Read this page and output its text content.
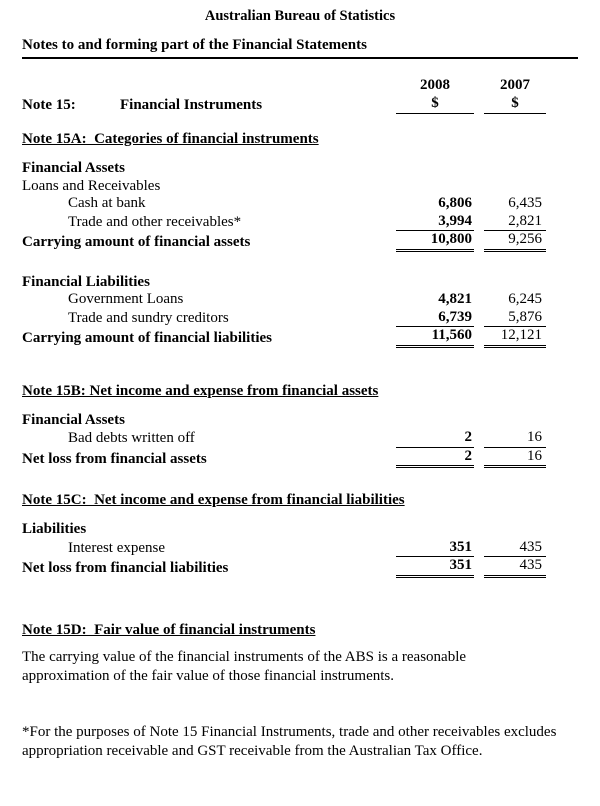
Australian Bureau of Statistics
Notes to and forming part of the Financial Statements
Note 15:	Financial Instruments
2008
$
2007
$
Note 15A:  Categories of financial instruments
Financial Assets
Loans and Receivables
Cash at bank	6,806	6,435
Trade and other receivables*	3,994	2,821
Carrying amount of financial assets	10,800	9,256
Financial Liabilities
Government Loans	4,821	6,245
Trade and sundry creditors	6,739	5,876
Carrying amount of financial liabilities	11,560	12,121
Note 15B: Net income and expense from financial assets
Financial Assets
Bad debts written off	2	16
Net loss from financial assets	2	16
Note 15C:  Net income and expense from financial liabilities
Liabilities
Interest expense	351	435
Net loss from financial liabilities	351	435
Note 15D:  Fair value of financial instruments
The carrying value of the financial instruments of the ABS is a reasonable approximation of the fair value of those financial instruments.
*For the purposes of Note 15 Financial Instruments, trade and other receivables excludes appropriation receivable and GST receivable from the Australian Tax Office.
